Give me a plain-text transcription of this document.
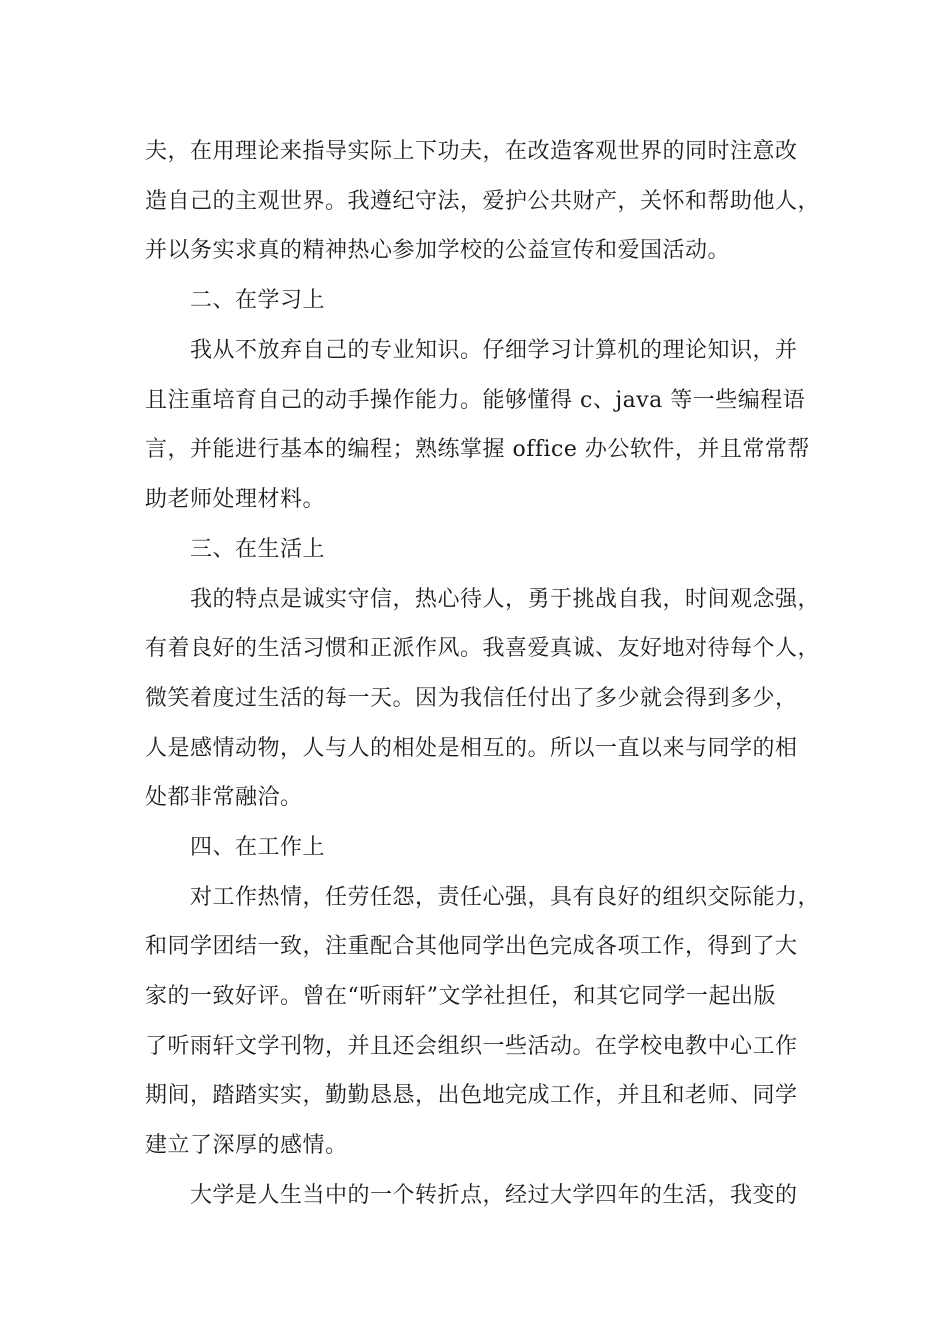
夫，在用理论来指导实际上下功夫，在改造客观世界的同时注意改
造自己的主观世界。我遵纪守法，爱护公共财产，关怀和帮助他人，
并以务实求真的精神热心参加学校的公益宣传和爱国活动。
二、在学习上
我从不放弃自己的专业知识。仔细学习计算机的理论知识，并
且注重培育自己的动手操作能力。能够懂得 c、java 等一些编程语
言，并能进行基本的编程；熟练掌握 office 办公软件，并且常常帮
助老师处理材料。
三、在生活上
我的特点是诚实守信，热心待人，勇于挑战自我，时间观念强，
有着良好的生活习惯和正派作风。我喜爱真诚、友好地对待每个人，
微笑着度过生活的每一天。因为我信任付出了多少就会得到多少，
人是感情动物，人与人的相处是相互的。所以一直以来与同学的相
处都非常融洽。
四、在工作上
对工作热情，任劳任怨，责任心强，具有良好的组织交际能力，
和同学团结一致，注重配合其他同学出色完成各项工作，得到了大
家的一致好评。曾在“听雨轩”文学社担任，和其它同学一起出版
了听雨轩文学刊物，并且还会组织一些活动。在学校电教中心工作
期间，踏踏实实，勤勤恳恳，出色地完成工作，并且和老师、同学
建立了深厚的感情。
大学是人生当中的一个转折点，经过大学四年的生活，我变的
